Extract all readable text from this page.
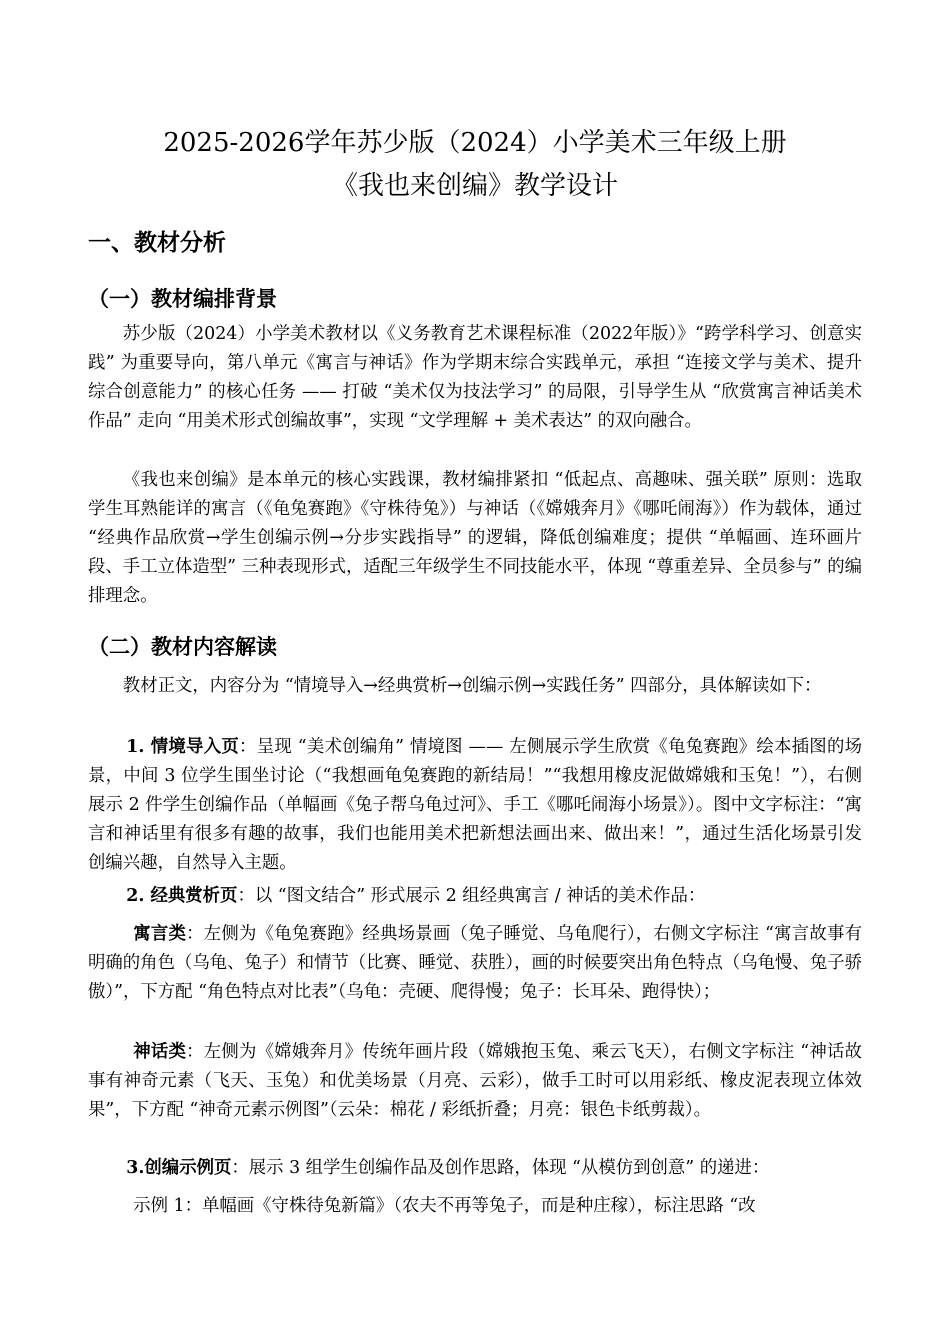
2025-2026学年苏少版（2024）小学美术三年级上册
《我也来创编》教学设计
一、教材分析
（一）教材编排背景

苏少版（2024）小学美术教材以《义务教育艺术课程标准（2022年版）》“跨学科学习、创意实践” 为重要导向，第八单元《寓言与神话》作为学期末综合实践单元，承担 “连接文学与美术、提升综合创意能力” 的核心任务 —— 打破 “美术仅为技法学习” 的局限，引导学生从 “欣赏寓言神话美术作品” 走向 “用美术形式创编故事”，实现 “文学理解 + 美术表达” 的双向融合。

《我也来创编》是本单元的核心实践课，教材编排紧扣 “低起点、高趣味、强关联” 原则：选取学生耳熟能详的寓言（《龟兔赛跑》《守株待兔》）与神话（《嫦娥奔月》《哪吒闹海》）作为载体，通过 “经典作品欣赏→学生创编示例→分步实践指导” 的逻辑，降低创编难度；提供 “单幅画、连环画片段、手工立体造型” 三种表现形式，适配三年级学生不同技能水平，体现 “尊重差异、全员参与” 的编排理念。

（二）教材内容解读

教材正文，内容分为 “情境导入→经典赏析→创编示例→实践任务” 四部分，具体解读如下：

1. 情境导入页：呈现 “美术创编角” 情境图 —— 左侧展示学生欣赏《龟兔赛跑》绘本插图的场景，中间 3 位学生围坐讨论（“我想画龟兔赛跑的新结局！”“我想用橡皮泥做嫦娥和玉兔！”），右侧展示 2 件学生创编作品（单幅画《兔子帮乌龟过河》、手工《哪吒闹海小场景》）。图中文字标注：“寓言和神话里有很多有趣的故事，我们也能用美术把新想法画出来、做出来！”，通过生活化场景引发创编兴趣，自然导入主题。

2. 经典赏析页：以 “图文结合” 形式展示 2 组经典寓言 / 神话的美术作品：

寓言类：左侧为《龟兔赛跑》经典场景画（兔子睡觉、乌龟爬行），右侧文字标注 “寓言故事有明确的角色（乌龟、兔子）和情节（比赛、睡觉、获胜），画的时候要突出角色特点（乌龟慢、兔子骄傲）”，下方配 “角色特点对比表”（乌龟：壳硬、爬得慢；兔子：长耳朵、跑得快）；

神话类：左侧为《嫦娥奔月》传统年画片段（嫦娥抱玉兔、乘云飞天），右侧文字标注 “神话故事有神奇元素（飞天、玉兔）和优美场景（月亮、云彩），做手工时可以用彩纸、橡皮泥表现立体效果”，下方配 “神奇元素示例图”（云朵：棉花 / 彩纸折叠；月亮：银色卡纸剪裁）。

3.创编示例页：展示 3 组学生创编作品及创作思路，体现 “从模仿到创意” 的递进：

示例 1：单幅画《守株待兔新篇》（农夫不再等兔子，而是种庄稼），标注思路 “改
